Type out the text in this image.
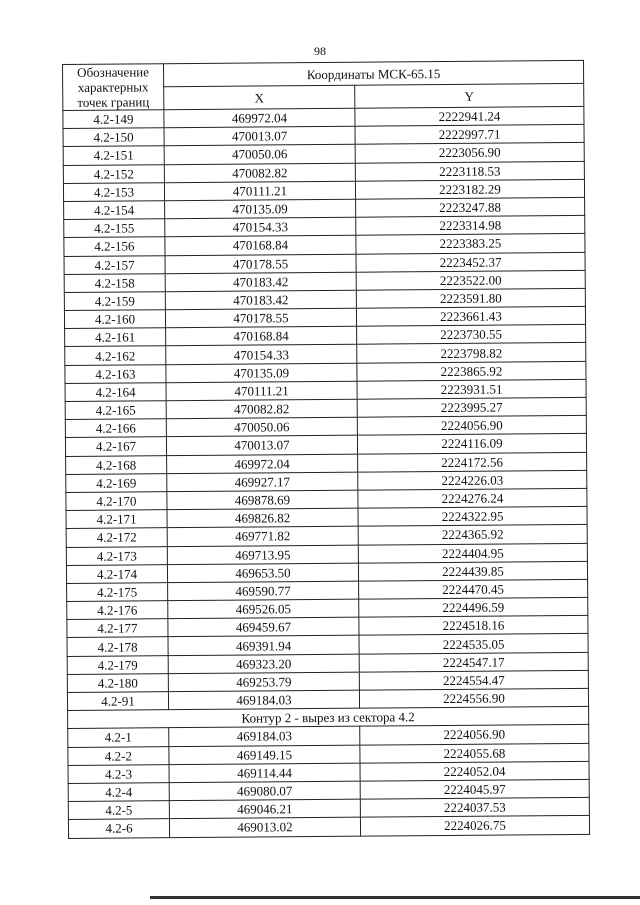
98
Обозначение характерных точек границ	Координаты МСК-65.15	
	X	Y
4.2-149	469972.04	2222941.24
4.2-150	470013.07	2222997.71
4.2-151	470050.06	2223056.90
4.2-152	470082.82	2223118.53
4.2-153	470111.21	2223182.29
4.2-154	470135.09	2223247.88
4.2-155	470154.33	2223314.98
4.2-156	470168.84	2223383.25
4.2-157	470178.55	2223452.37
4.2-158	470183.42	2223522.00
4.2-159	470183.42	2223591.80
4.2-160	470178.55	2223661.43
4.2-161	470168.84	2223730.55
4.2-162	470154.33	2223798.82
4.2-163	470135.09	2223865.92
4.2-164	470111.21	2223931.51
4.2-165	470082.82	2223995.27
4.2-166	470050.06	2224056.90
4.2-167	470013.07	2224116.09
4.2-168	469972.04	2224172.56
4.2-169	469927.17	2224226.03
4.2-170	469878.69	2224276.24
4.2-171	469826.82	2224322.95
4.2-172	469771.82	2224365.92
4.2-173	469713.95	2224404.95
4.2-174	469653.50	2224439.85
4.2-175	469590.77	2224470.45
4.2-176	469526.05	2224496.59
4.2-177	469459.67	2224518.16
4.2-178	469391.94	2224535.05
4.2-179	469323.20	2224547.17
4.2-180	469253.79	2224554.47
4.2-91	469184.03	2224556.90
Контур 2 - вырез из сектора 4.2		
4.2-1	469184.03	2224056.90
4.2-2	469149.15	2224055.68
4.2-3	469114.44	2224052.04
4.2-4	469080.07	2224045.97
4.2-5	469046.21	2224037.53
4.2-6	469013.02	2224026.75
